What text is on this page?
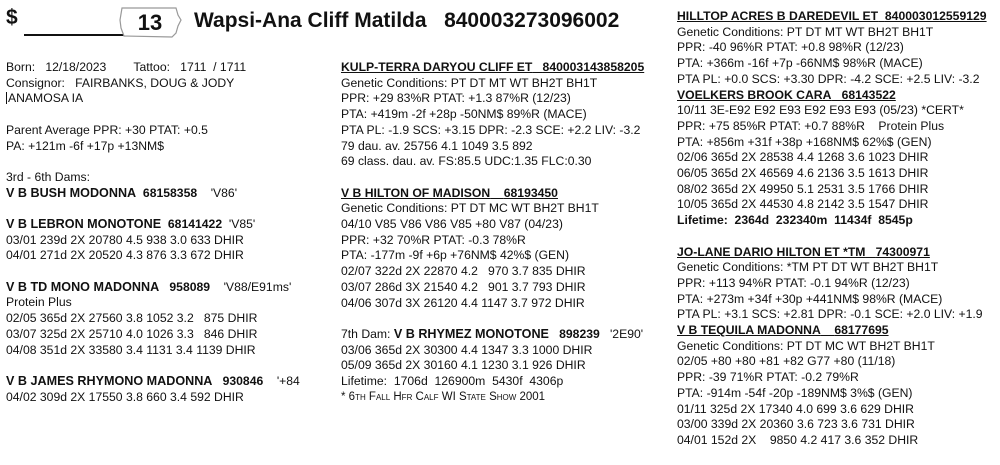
$	13	Wapsi-Ana Cliff Matilda 840003273096002
Born: 12/18/2023 Tattoo: 1711  / 1711
Consignor: FAIRBANKS, DOUG & JODY
ANAMOSA IA
Parent Average PPR: +30 PTAT: +0.5
PA: +121m -6f +17p +13NM$
3rd - 6th Dams:
V B BUSH MODONNA 68158358 'V86'
V B LEBRON MONOTONE 68141422 'V85'
03/01 239d 2X 20780 4.5 938 3.0 633 DHIR
04/01 271d 2X 20520 4.3 876 3.3 672 DHIR
V B TD MONO MADONNA 958089 'V88/E91ms'
Protein Plus
02/05 365d 2X 27560 3.8 1052 3.2   875 DHIR
03/07 325d 2X 25710 4.0 1026 3.3   846 DHIR
04/08 351d 2X 33580 3.4 1131 3.4 1139 DHIR
V B JAMES RHYMONO MADONNA 930846 '+84
04/02 309d 2X 17550 3.8 660 3.4 592 DHIR
KULP-TERRA DARYOU CLIFF ET 840003143858205
Genetic Conditions: PT DT MT WT BH2T BH1T
PPR: +29 83%R PTAT: +1.3 87%R (12/23)
PTA: +419m -2f +28p -50NM$ 89%R (MACE)
PTA PL: -1.9 SCS: +3.15 DPR: -2.3 SCE: +2.2 LIV: -3.2
79 dau. av. 25756 4.1 1049 3.5 892
69 class. dau. av. FS:85.5 UDC:1.35 FLC:0.30
V B HILTON OF MADISON 68193450
Genetic Conditions: PT DT MC WT BH2T BH1T
04/10 V85 V86 V86 V85 +80 V87 (04/23)
PPR: +32 70%R PTAT: -0.3 78%R
PTA: -177m -9f +6p +76NM$ 42%$ (GEN)
02/07 322d 2X 22870 4.2   970 3.7 835 DHIR
03/07 286d 3X 21540 4.2   901 3.7 793 DHIR
04/06 307d 3X 26120 4.4 1147 3.7 972 DHIR
7th Dam: V B RHYMEZ MONOTONE 898239 '2E90'
03/06 365d 2X 30300 4.4 1347 3.3 1000 DHIR
05/09 365d 2X 30160 4.1 1230 3.1 926 DHIR
Lifetime:  1706d  126900m  5430f  4306p
* 6th Fall Hfr Calf WI State Show 2001
HILLTOP ACRES B DAREDEVIL ET 840003012559129
Genetic Conditions: PT DT MT WT BH2T BH1T
PPR: -40 96%R PTAT: +0.8 98%R (12/23)
PTA: +366m -16f +7p -66NM$ 98%R (MACE)
PTA PL: +0.0 SCS: +3.30 DPR: -4.2 SCE: +2.5 LIV: -3.2
VOELKERS BROOK CARA 68143522
10/11 3E-E92 E92 E93 E92 E93 E93 (05/23) *CERT*
PPR: +75 85%R PTAT: +0.7 88%R    Protein Plus
PTA: +856m +31f +38p +168NM$ 62%$ (GEN)
02/06 365d 2X 28538 4.4 1268 3.6 1023 DHIR
06/05 365d 2X 46569 4.6 2136 3.5 1613 DHIR
08/02 365d 2X 49950 5.1 2531 3.5 1766 DHIR
10/05 365d 2X 44530 4.8 2142 3.5 1547 DHIR
Lifetime:  2364d  232340m  11434f  8545p
JO-LANE DARIO HILTON ET *TM 74300971
Genetic Conditions: *TM PT DT WT BH2T BH1T
PPR: +113 94%R PTAT: -0.1 94%R (12/23)
PTA: +273m +34f +30p +441NM$ 98%R (MACE)
PTA PL: +3.1 SCS: +2.81 DPR: -0.1 SCE: +2.0 LIV: +1.9
V B TEQUILA MADONNA 68177695
Genetic Conditions: PT DT MC WT BH2T BH1T
02/05 +80 +80 +81 +82 G77 +80 (11/18)
PPR: -39 71%R PTAT: -0.2 79%R
PTA: -914m -54f -20p -189NM$ 3%$ (GEN)
01/11 325d 2X 17340 4.0 699 3.6 629 DHIR
03/00 339d 2X 20360 3.6 723 3.6 731 DHIR
04/01 152d 2X    9850 4.2 417 3.6 352 DHIR
